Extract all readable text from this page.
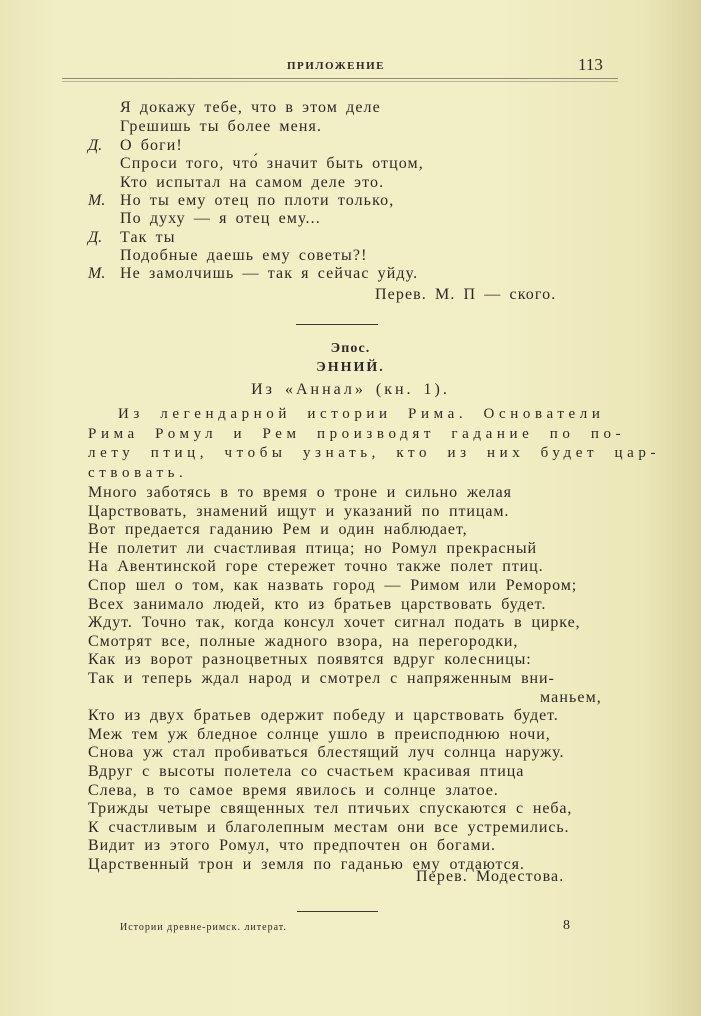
ПРИЛОЖЕНИЕ	113
Я докажу тебе, что в этом деле
Грешишь ты более меня.
Д. О боги!
Спроси того, что́ значит быть отцом,
Кто испытал на самом деле это.
М. Но ты ему отец по плоти только,
По духу — я отец ему...
Д. Так ты
Подобные даешь ему советы?!
М. Не замолчишь — так я сейчас уйду.
Перев. М. П — ского.
Эпос.
ЭННИЙ.
Из «Аннал» (кн. 1).
Из легендарной истории Рима. Основатели
Рима Ромул и Рем производят гадание по по-
лету птиц, чтобы узнать, кто из них будет цар-
ствовать.
Много заботясь в то время о троне и сильно желая
Царствовать, знамений ищут и указаний по птицам.
Вот предается гаданию Рем и один наблюдает,
Не полетит ли счастливая птица; но Ромул прекрасный
На Авентинской горе стережет точно также полет птиц.
Спор шел о том, как назвать город — Римом или Ремором;
Всех занимало людей, кто из братьев царствовать будет.
Ждут. Точно так, когда консул хочет сигнал подать в цирке,
Смотрят все, полные жадного взора, на перегородки,
Как из ворот разноцветных появятся вдруг колесницы:
Так и теперь ждал народ и смотрел с напряженным вни-
маньем,
Кто из двух братьев одержит победу и царствовать будет.
Меж тем уж бледное солнце ушло в преисподнюю ночи,
Снова уж стал пробиваться блестящий луч солнца наружу.
Вдруг с высоты полетела со счастьем красивая птица
Слева, в то самое время явилось и солнце златое.
Трижды четыре священных тел птичьих спускаются с неба,
К счастливым и благолепным местам они все устремились.
Видит из этого Ромул, что предпочтен он богами.
Царственный трон и земля по гаданью ему отдаются.
Перев. Модестова.
Истории древне-римск. литерат.	8
